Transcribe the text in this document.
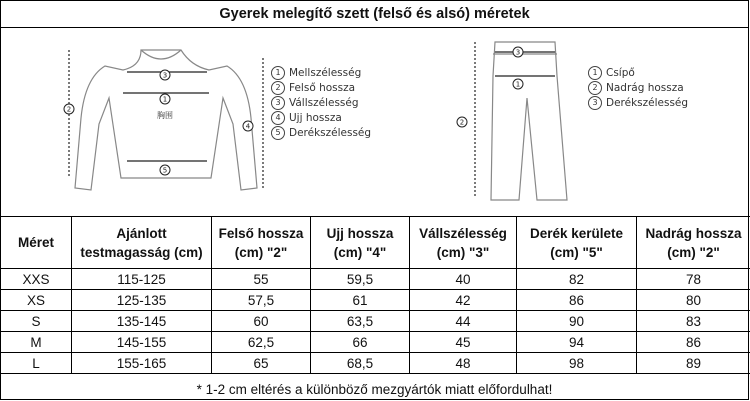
Gyerek melegítő szett (felső és alsó) méretek
3
1
2
4
5
胸围
3
1
2
1 Mellszélesség
2 Felső hossza
3 Vállszélesség
4 Ujj hossza
5 Derékszélesség
1 Csípő
2 Nadrág hossza
3 Derékszélesség
Méret	Ajánlott testmagasság (cm)	Felső hossza (cm) "2"	Ujj hossza (cm) "4"	Vállszélesség (cm) "3"	Derék kerülete (cm) "5"	Nadrág hossza (cm) "2"
XXS	115-125	55	59,5	40	82	78
XS	125-135	57,5	61	42	86	80
S	135-145	60	63,5	44	90	83
M	145-155	62,5	66	45	94	86
L	155-165	65	68,5	48	98	89
* 1-2 cm eltérés a különböző mezgyártók miatt előfordulhat!
